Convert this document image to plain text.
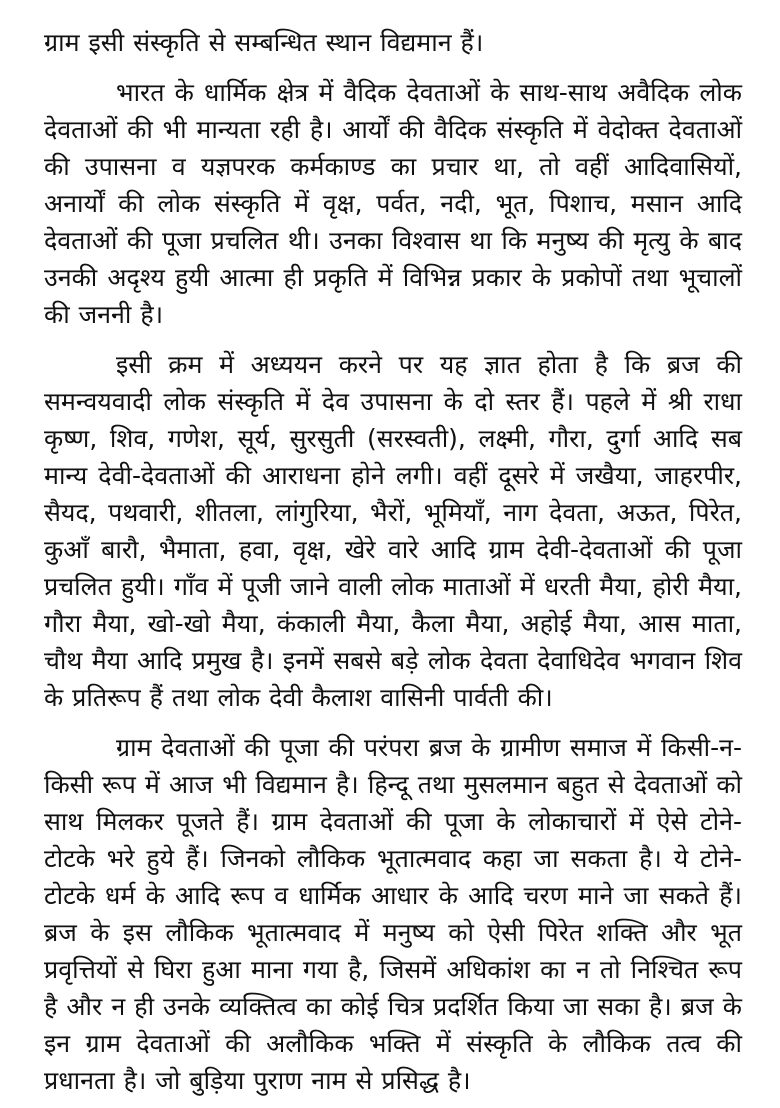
ग्राम इसी संस्कृति से सम्बन्धित स्थान विद्यमान हैं।

भारत के धार्मिक क्षेत्र में वैदिक देवताओं के साथ-साथ अवैदिक लोक देवताओं की भी मान्यता रही है। आर्यों की वैदिक संस्कृति में वेदोक्त देवताओं की उपासना व यज्ञपरक कर्मकाण्ड का प्रचार था, तो वहीं आदिवासियों, अनार्यों की लोक संस्कृति में वृक्ष, पर्वत, नदी, भूत, पिशाच, मसान आदि देवताओं की पूजा प्रचलित थी। उनका विश्वास था कि मनुष्य की मृत्यु के बाद उनकी अदृश्य हुयी आत्मा ही प्रकृति में विभिन्न प्रकार के प्रकोपों तथा भूचालों की जननी है।

इसी क्रम में अध्ययन करने पर यह ज्ञात होता है कि ब्रज की समन्वयवादी लोक संस्कृति में देव उपासना के दो स्तर हैं। पहले में श्री राधा कृष्ण, शिव, गणेश, सूर्य, सुरसुती (सरस्वती), लक्ष्मी, गौरा, दुर्गा आदि सब मान्य देवी-देवताओं की आराधना होने लगी। वहीं दूसरे में जखैया, जाहरपीर, सैयद, पथवारी, शीतला, लांगुरिया, भैरों, भूमियाँ, नाग देवता, अऊत, पिरेत, कुआँ बारौ, भैमाता, हवा, वृक्ष, खेरे वारे आदि ग्राम देवी-देवताओं की पूजा प्रचलित हुयी। गाँव में पूजी जाने वाली लोक माताओं में धरती मैया, होरी मैया, गौरा मैया, खो-खो मैया, कंकाली मैया, कैला मैया, अहोई मैया, आस माता, चौथ मैया आदि प्रमुख है। इनमें सबसे बड़े लोक देवता देवाधिदेव भगवान शिव के प्रतिरूप हैं तथा लोक देवी कैलाश वासिनी पार्वती की।

ग्राम देवताओं की पूजा की परंपरा ब्रज के ग्रामीण समाज में किसी-न-किसी रूप में आज भी विद्यमान है। हिन्दू तथा मुसलमान बहुत से देवताओं को साथ मिलकर पूजते हैं। ग्राम देवताओं की पूजा के लोकाचारों में ऐसे टोने-टोटके भरे हुये हैं। जिनको लौकिक भूतात्मवाद कहा जा सकता है। ये टोने-टोटके धर्म के आदि रूप व धार्मिक आधार के आदि चरण माने जा सकते हैं। ब्रज के इस लौकिक भूतात्मवाद में मनुष्य को ऐसी पिरेत शक्ति और भूत प्रवृत्तियों से घिरा हुआ माना गया है, जिसमें अधिकांश का न तो निश्चित रूप है और न ही उनके व्यक्तित्व का कोई चित्र प्रदर्शित किया जा सका है। ब्रज के इन ग्राम देवताओं की अलौकिक भक्ति में संस्कृति के लौकिक तत्व की प्रधानता है। जो बुड़िया पुराण नाम से प्रसिद्ध है।
